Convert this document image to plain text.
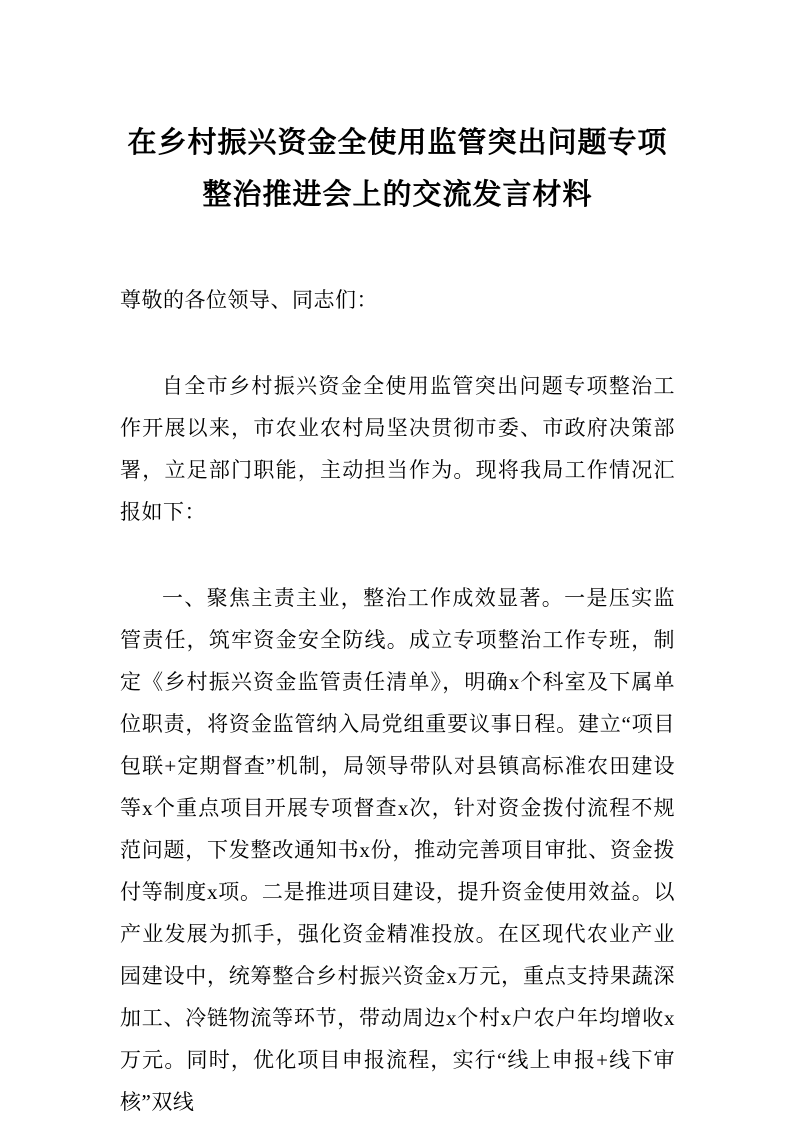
在乡村振兴资金全使用监管突出问题专项
整治推进会上的交流发言材料

尊敬的各位领导、同志们：

自全市乡村振兴资金全使用监管突出问题专项整治工作开展以来，市农业农村局坚决贯彻市委、市政府决策部署，立足部门职能，主动担当作为。现将我局工作情况汇报如下：

一、聚焦主责主业，整治工作成效显著。一是压实监管责任，筑牢资金安全防线。成立专项整治工作专班，制定《乡村振兴资金监管责任清单》，明确x个科室及下属单位职责，将资金监管纳入局党组重要议事日程。建立“项目包联+定期督查”机制，局领导带队对县镇高标准农田建设等x个重点项目开展专项督查x次，针对资金拨付流程不规范问题，下发整改通知书x份，推动完善项目审批、资金拨付等制度x项。二是推进项目建设，提升资金使用效益。以产业发展为抓手，强化资金精准投放。在区现代农业产业园建设中，统筹整合乡村振兴资金x万元，重点支持果蔬深加工、冷链物流等环节，带动周边x个村x户农户年均增收x万元。同时，优化项目申报流程，实行“线上申报+线下审核”双线
